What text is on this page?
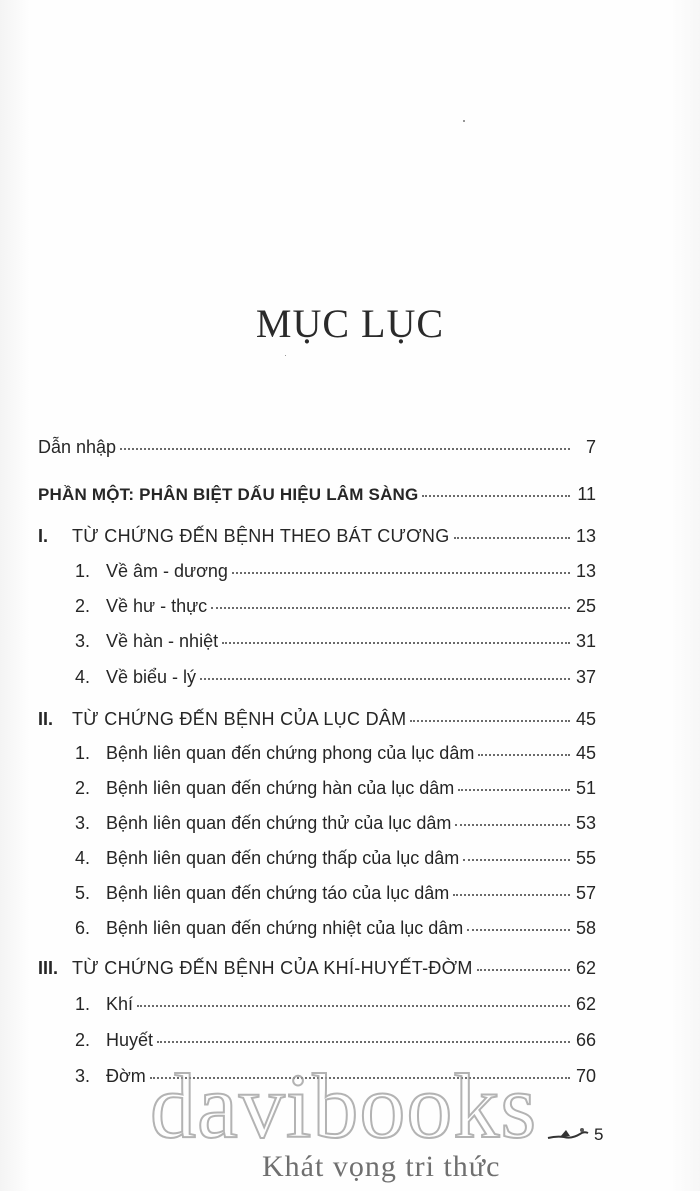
MỤC LỤC
Dẫn nhập	7
PHẦN MỘT: PHÂN BIỆT DẤU HIỆU LÂM SÀNG	11
I.	TỪ CHỨNG ĐẾN BỆNH THEO BÁT CƯƠNG	13
1. Về âm - dương	13
2. Về hư - thực	25
3. Về hàn - nhiệt	31
4. Về biểu - lý	37
II.	TỪ CHỨNG ĐẾN BỆNH CỦA LỤC DÂM	45
1. Bệnh liên quan đến chứng phong của lục dâm	45
2. Bệnh liên quan đến chứng hàn của lục dâm	51
3. Bệnh liên quan đến chứng thử của lục dâm	53
4. Bệnh liên quan đến chứng thấp của lục dâm	55
5. Bệnh liên quan đến chứng táo của lục dâm	57
6. Bệnh liên quan đến chứng nhiệt của lục dâm	58
III. TỪ CHỨNG ĐẾN BỆNH CỦA KHÍ-HUYẾT-ĐỜM	62
1. Khí	62
2. Huyết	66
3. Đờm	70
davibooks
Khát vọng tri thức
5
